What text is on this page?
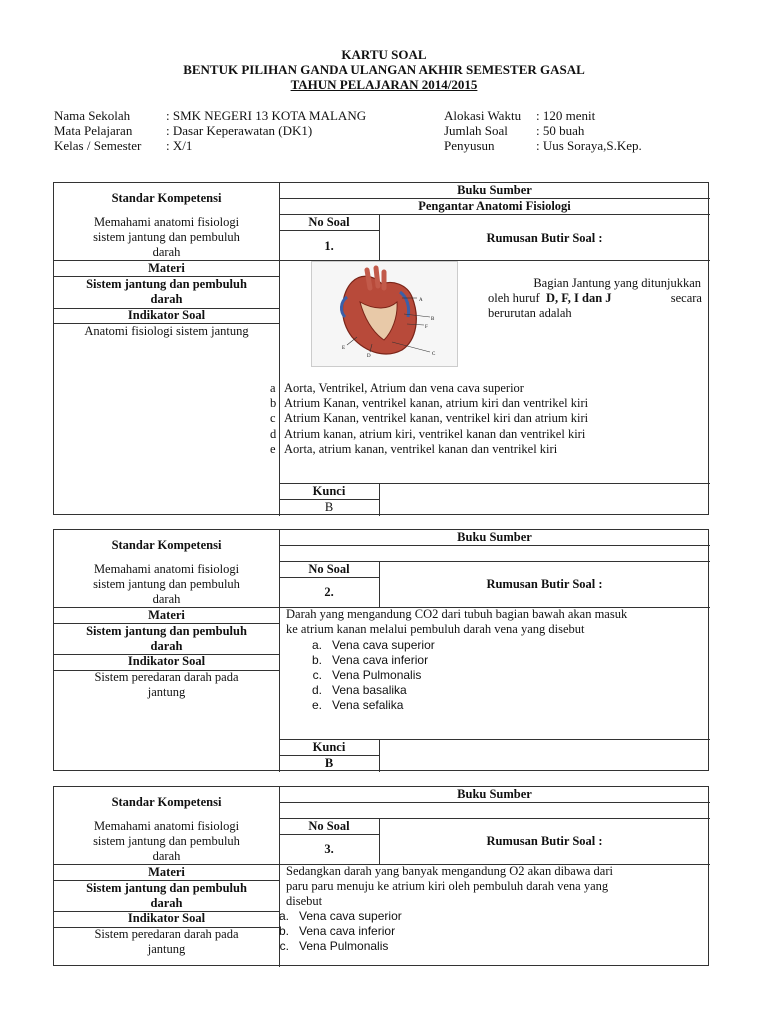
KARTU SOAL
BENTUK PILIHAN GANDA ULANGAN AKHIR SEMESTER GASAL
TAHUN PELAJARAN 2014/2015
Nama Sekolah	: SMK NEGERI 13 KOTA MALANG
Mata Pelajaran	: Dasar Keperawatan (DK1)
Kelas / Semester : X/1
Alokasi Waktu : 120 menit
Jumlah Soal : 50 buah
Penyusun	: Uus Soraya,S.Kep.
Standar Kompetensi
Buku Sumber
Pengantar Anatomi Fisiologi
Memahami anatomi fisiologi
sistem jantung dan pembuluh
darah
No Soal
1.
Rumusan Butir Soal :
Materi
Sistem jantung dan pembuluh
darah
Indikator Soal
Anatomi fisiologi sistem jantung
A
B
F
C
E
D
Bagian Jantung yang ditunjukkan
oleh huruf D, F, I dan J	secara
berurutan adalah
a Aorta, Ventrikel, Atrium dan vena cava superior
b Atrium Kanan, ventrikel kanan, atrium kiri dan ventrikel kiri
c Atrium Kanan, ventrikel kanan, ventrikel kiri dan atrium kiri
d Atrium kanan, atrium kiri, ventrikel kanan dan ventrikel kiri
e Aorta, atrium kanan, ventrikel kanan dan ventrikel kiri
Kunci
B
Standar Kompetensi
Buku Sumber
Memahami anatomi fisiologi
sistem jantung dan pembuluh
darah
No Soal
2.
Rumusan Butir Soal :
Materi
Sistem jantung dan pembuluh
darah
Indikator Soal
Sistem peredaran darah pada
jantung
Darah yang mengandung CO2 dari tubuh bagian bawah akan masuk
ke atrium kanan melalui pembuluh darah vena yang disebut
a. Vena cava superior
b. Vena cava inferior
c. Vena Pulmonalis
d. Vena basalika
e. Vena sefalika
Kunci
B
Standar Kompetensi
Buku Sumber
Memahami anatomi fisiologi
sistem jantung dan pembuluh
darah
No Soal
3.
Rumusan Butir Soal :
Materi
Sistem jantung dan pembuluh
darah
Indikator Soal
Sistem peredaran darah pada
jantung
Sedangkan darah yang banyak mengandung O2 akan dibawa dari
paru paru menuju ke atrium kiri oleh pembuluh darah vena yang
disebut
a. Vena cava superior
b. Vena cava inferior
c. Vena Pulmonalis
